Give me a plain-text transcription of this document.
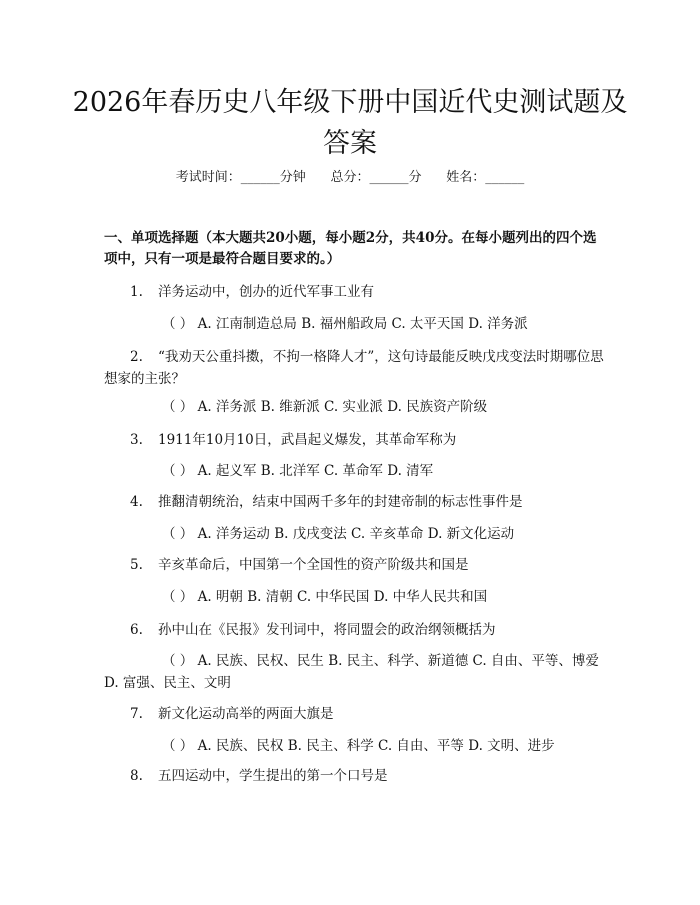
2026年春历史八年级下册中国近代史测试题及答案
考试时间：______分钟      总分：______分      姓名：______
一、单项选择题（本大题共20小题，每小题2分，共40分。在每小题列出的四个选项中，只有一项是最符合题目要求的。）
1. 洋务运动中，创办的近代军事工业有
（ ） A. 江南制造总局 B. 福州船政局 C. 太平天国 D. 洋务派
2. “我劝天公重抖擞，不拘一格降人才”，这句诗最能反映戊戌变法时期哪位思想家的主张？
（ ） A. 洋务派 B. 维新派 C. 实业派 D. 民族资产阶级
3. 1911年10月10日，武昌起义爆发，其革命军称为
（ ） A. 起义军 B. 北洋军 C. 革命军 D. 清军
4. 推翻清朝统治，结束中国两千多年的封建帝制的标志性事件是
（ ） A. 洋务运动 B. 戊戌变法 C. 辛亥革命 D. 新文化运动
5. 辛亥革命后，中国第一个全国性的资产阶级共和国是
（ ） A. 明朝 B. 清朝 C. 中华民国 D. 中华人民共和国
6. 孙中山在《民报》发刊词中，将同盟会的政治纲领概括为
（ ） A. 民族、民权、民生 B. 民主、科学、新道德 C. 自由、平等、博爱 D. 富强、民主、文明
7. 新文化运动高举的两面大旗是
（ ） A. 民族、民权 B. 民主、科学 C. 自由、平等 D. 文明、进步
8. 五四运动中，学生提出的第一个口号是
